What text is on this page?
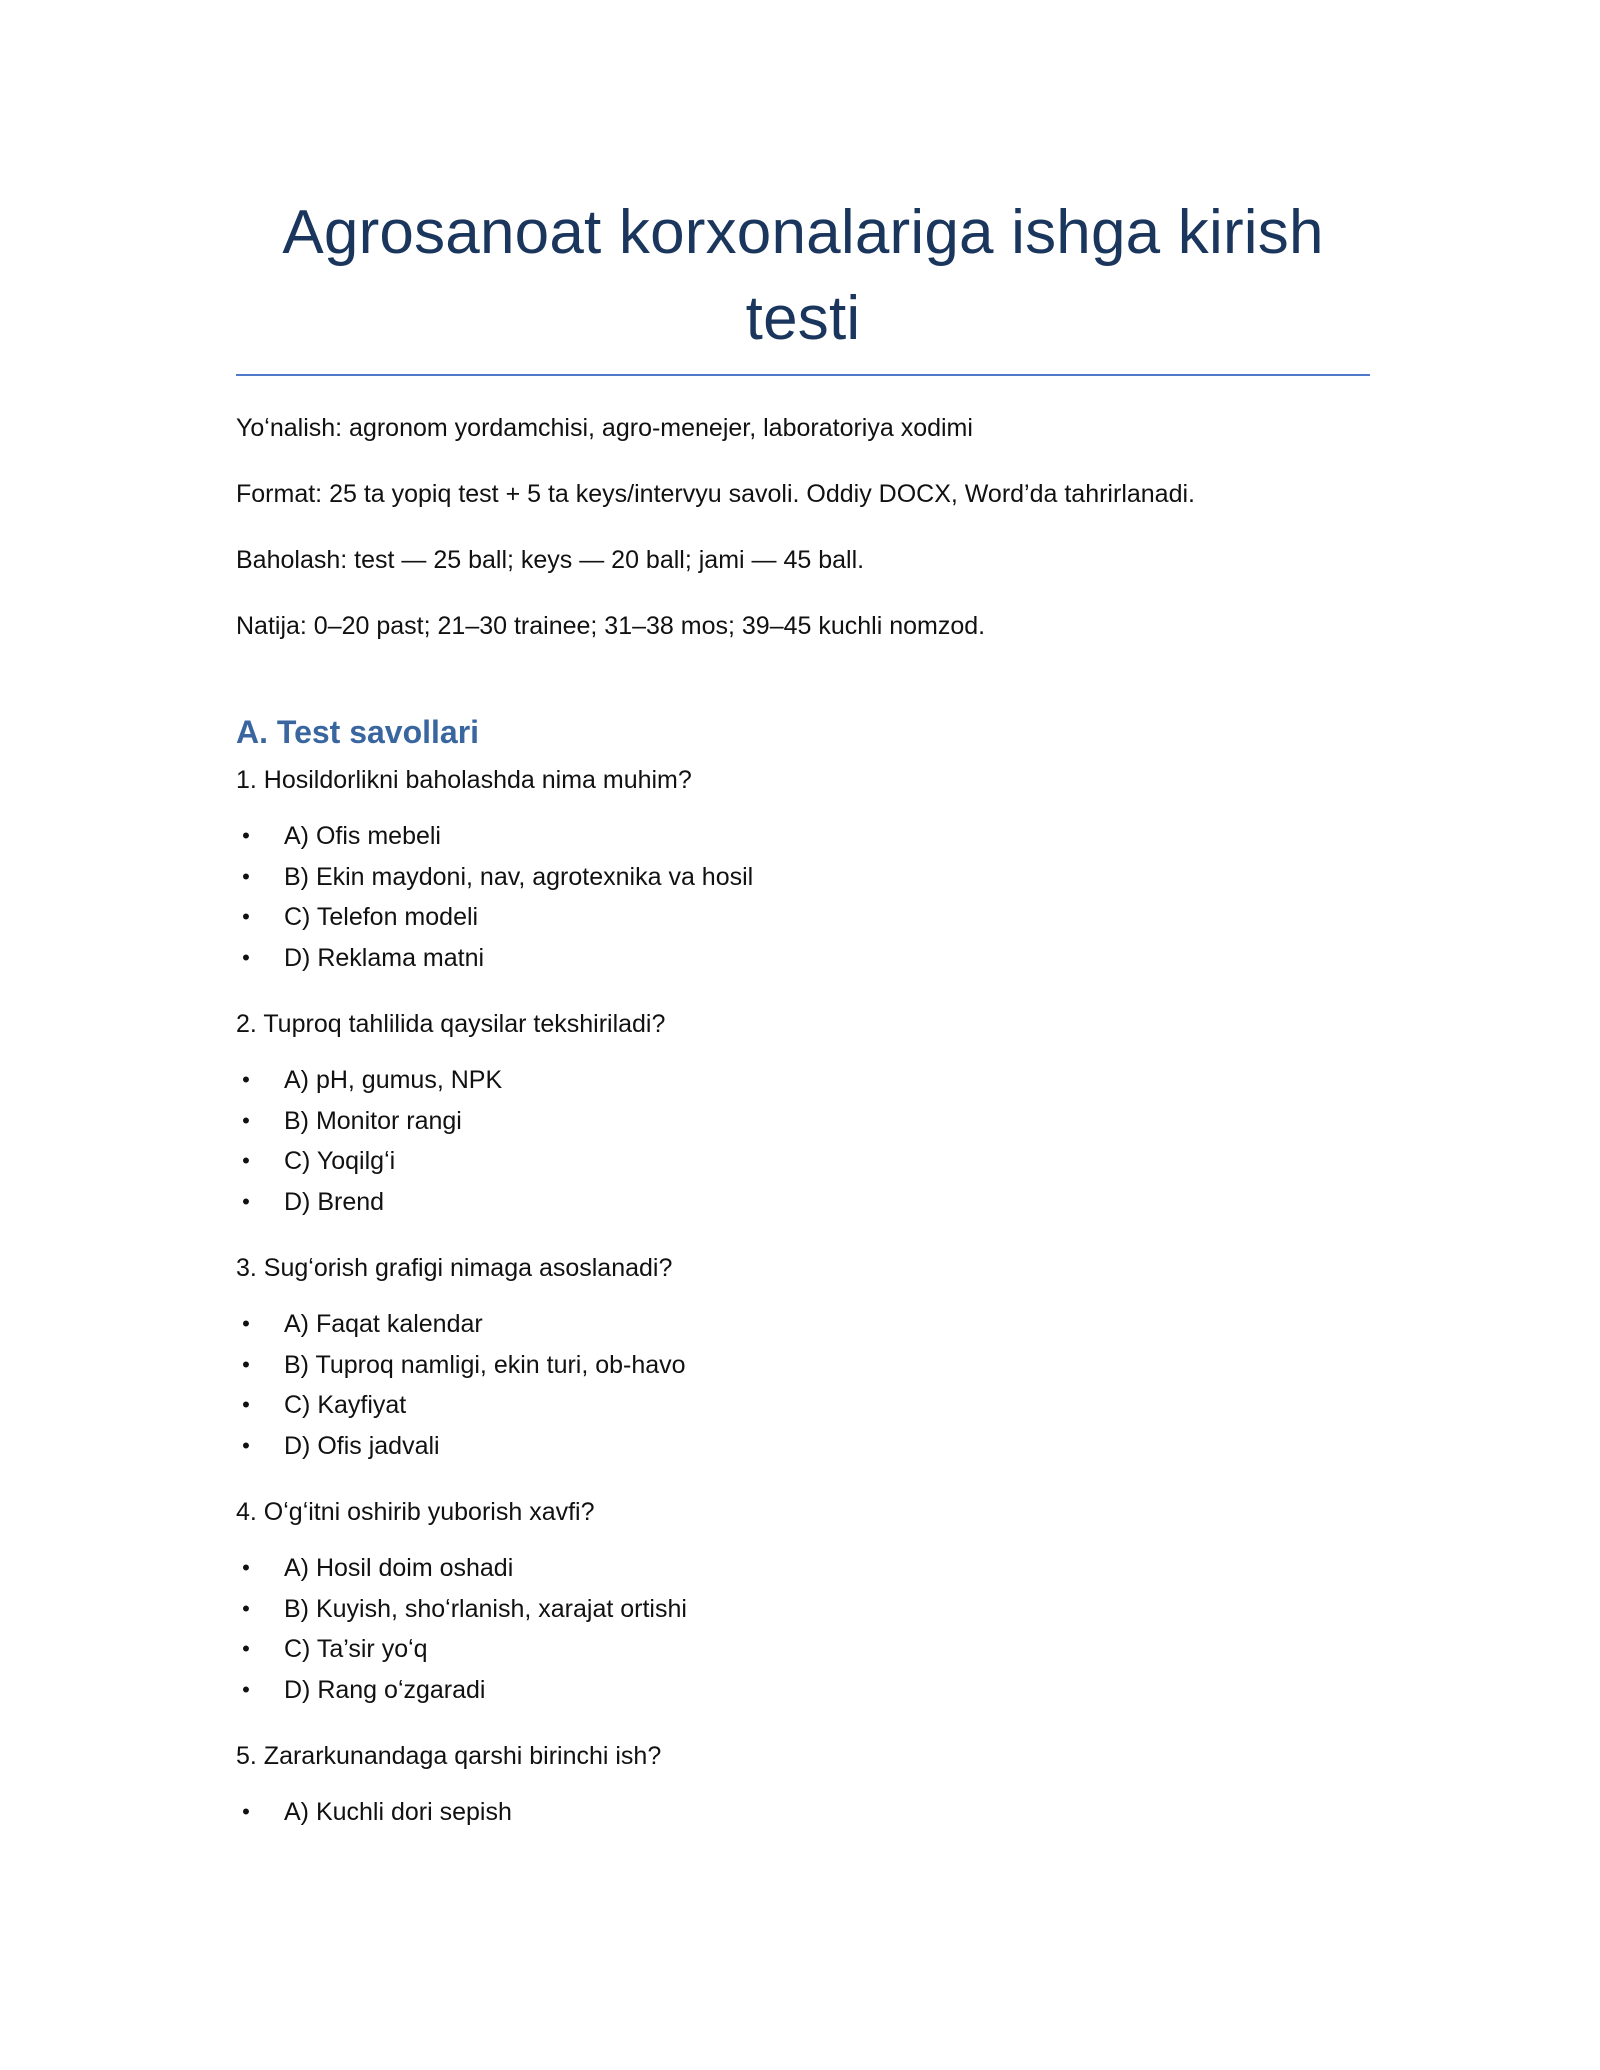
Agrosanoat korxonalariga ishga kirish testi

Yoʻnalish: agronom yordamchisi, agro-menejer, laboratoriya xodimi

Format: 25 ta yopiq test + 5 ta keys/intervyu savoli. Oddiy DOCX, Word’da tahrirlanadi.

Baholash: test — 25 ball; keys — 20 ball; jami — 45 ball.

Natija: 0–20 past; 21–30 trainee; 31–38 mos; 39–45 kuchli nomzod.

A. Test savollari

1. Hosildorlikni baholashda nima muhim?

• A) Ofis mebeli
• B) Ekin maydoni, nav, agrotexnika va hosil
• C) Telefon modeli
• D) Reklama matni

2. Tuproq tahlilida qaysilar tekshiriladi?

• A) pH, gumus, NPK
• B) Monitor rangi
• C) Yoqilgʻi
• D) Brend

3. Sugʻorish grafigi nimaga asoslanadi?

• A) Faqat kalendar
• B) Tuproq namligi, ekin turi, ob-havo
• C) Kayfiyat
• D) Ofis jadvali

4. Oʻgʻitni oshirib yuborish xavfi?

• A) Hosil doim oshadi
• B) Kuyish, shoʻrlanish, xarajat ortishi
• C) Ta’sir yoʻq
• D) Rang oʻzgaradi

5. Zararkunandaga qarshi birinchi ish?

• A) Kuchli dori sepish
